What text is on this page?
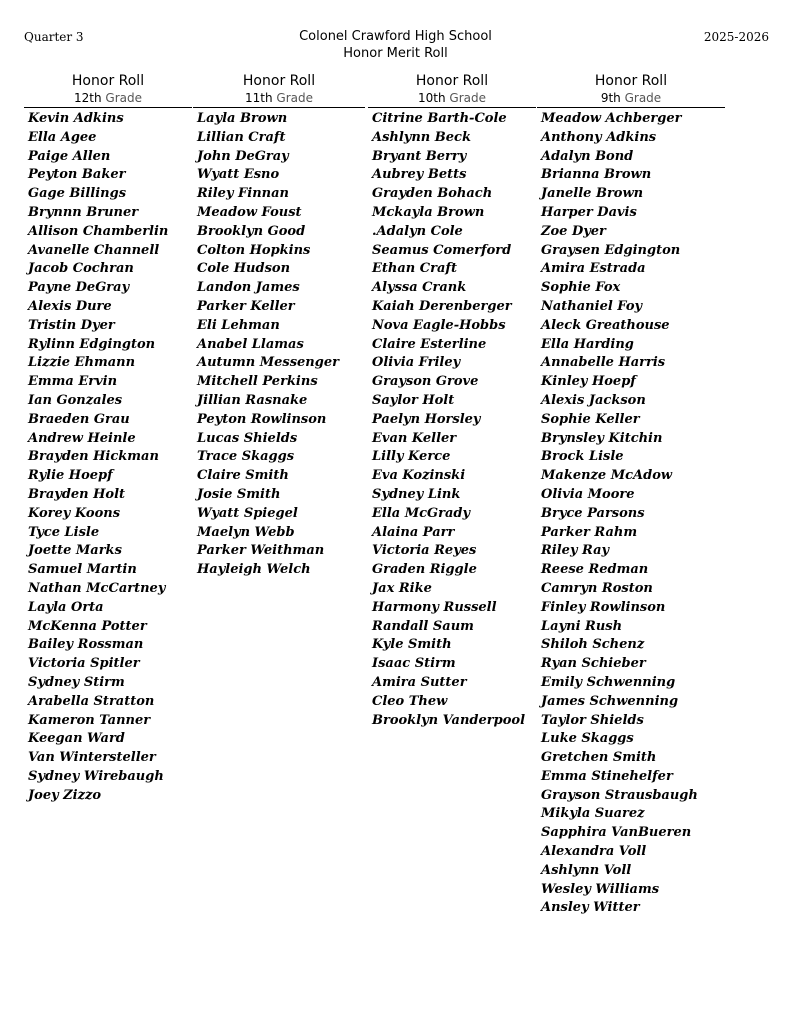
Quarter 3	Colonel Crawford High School
Honor Merit Roll
2025-2026
Honor Roll
12th Grade
Kevin Adkins
Ella Agee
Paige Allen
Peyton Baker
Gage Billings
Brynnn Bruner
Allison Chamberlin
Avanelle Channell
Jacob Cochran
Payne DeGray
Alexis Dure
Tristin Dyer
Rylinn Edgington
Lizzie Ehmann
Emma Ervin
Ian Gonzales
Braeden Grau
Andrew Heinle
Brayden Hickman
Rylie Hoepf
Brayden Holt
Korey Koons
Tyce Lisle
Joette Marks
Samuel Martin
Nathan McCartney
Layla Orta
McKenna Potter
Bailey Rossman
Victoria Spitler
Sydney Stirm
Arabella Stratton
Kameron Tanner
Keegan Ward
Van Wintersteller
Sydney Wirebaugh
Joey Zizzo
Honor Roll
11th Grade
Layla Brown
Lillian Craft
John DeGray
Wyatt Esno
Riley Finnan
Meadow Foust
Brooklyn Good
Colton Hopkins
Cole Hudson
Landon James
Parker Keller
Eli Lehman
Anabel Llamas
Autumn Messenger
Mitchell Perkins
Jillian Rasnake
Peyton Rowlinson
Lucas Shields
Trace Skaggs
Claire Smith
Josie Smith
Wyatt Spiegel
Maelyn Webb
Parker Weithman
Hayleigh Welch
Honor Roll
10th Grade
Citrine Barth-Cole
Ashlynn Beck
Bryant Berry
Aubrey Betts
Grayden Bohach
Mckayla Brown
.Adalyn Cole
Seamus Comerford
Ethan Craft
Alyssa Crank
Kaiah Derenberger
Nova Eagle-Hobbs
Claire Esterline
Olivia Friley
Grayson Grove
Saylor Holt
Paelyn Horsley
Evan Keller
Lilly Kerce
Eva Kozinski
Sydney Link
Ella McGrady
Alaina Parr
Victoria Reyes
Graden Riggle
Jax Rike
Harmony Russell
Randall Saum
Kyle Smith
Isaac Stirm
Amira Sutter
Cleo Thew
Brooklyn Vanderpool
Honor Roll
9th Grade
Meadow Achberger
Anthony Adkins
Adalyn Bond
Brianna Brown
Janelle Brown
Harper Davis
Zoe Dyer
Graysen Edgington
Amira Estrada
Sophie Fox
Nathaniel Foy
Aleck Greathouse
Ella Harding
Annabelle Harris
Kinley Hoepf
Alexis Jackson
Sophie Keller
Brynsley Kitchin
Brock Lisle
Makenze McAdow
Olivia Moore
Bryce Parsons
Parker Rahm
Riley Ray
Reese Redman
Camryn Roston
Finley Rowlinson
Layni Rush
Shiloh Schenz
Ryan Schieber
Emily Schwenning
James Schwenning
Taylor Shields
Luke Skaggs
Gretchen Smith
Emma Stinehelfer
Grayson Strausbaugh
Mikyla Suarez
Sapphira VanBueren
Alexandra Voll
Ashlynn Voll
Wesley Williams
Ansley Witter
